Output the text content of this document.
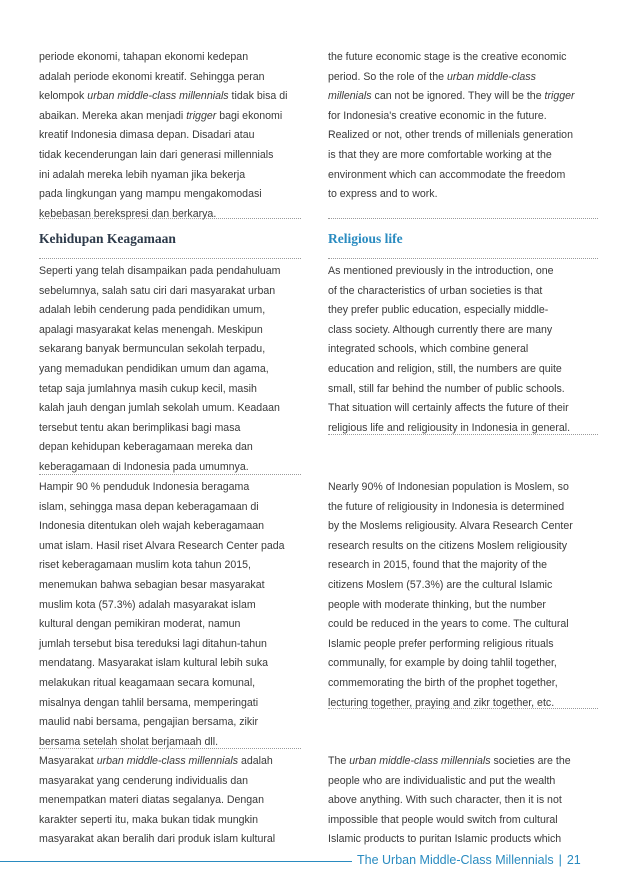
periode ekonomi, tahapan ekonomi kedepan
adalah periode ekonomi kreatif. Sehingga peran
kelompok urban middle-class millennials tidak bisa di
abaikan. Mereka akan menjadi trigger bagi ekonomi
kreatif Indonesia dimasa depan. Disadari atau
tidak kecenderungan lain dari generasi millennials
ini adalah mereka lebih nyaman jika bekerja
pada lingkungan yang mampu mengakomodasi
kebebasan berekspresi dan berkarya.

Kehidupan Keagamaan

Seperti yang telah disampaikan pada pendahuluam
sebelumnya, salah satu ciri dari masyarakat urban
adalah lebih cenderung pada pendidikan umum,
apalagi masyarakat kelas menengah. Meskipun
sekarang banyak bermunculan sekolah terpadu,
yang memadukan pendidikan umum dan agama,
tetap saja jumlahnya masih cukup kecil, masih
kalah jauh dengan jumlah sekolah umum. Keadaan
tersebut tentu akan berimplikasi bagi masa
depan kehidupan keberagamaan mereka dan
keberagamaan di Indonesia pada umumnya.

Hampir 90 % penduduk Indonesia beragama
islam, sehingga masa depan keberagamaan di
Indonesia ditentukan oleh wajah keberagamaan
umat islam. Hasil riset Alvara Research Center pada
riset keberagamaan muslim kota tahun 2015,
menemukan bahwa sebagian besar masyarakat
muslim kota (57.3%) adalah masyarakat islam
kultural dengan pemikiran moderat, namun
jumlah tersebut bisa tereduksi lagi ditahun-tahun
mendatang. Masyarakat islam kultural lebih suka
melakukan ritual keagamaan secara komunal,
misalnya dengan tahlil bersama, memperingati
maulid nabi bersama, pengajian bersama, zikir
bersama setelah sholat berjamaah dll.

Masyarakat urban middle-class millennials adalah
masyarakat yang cenderung individualis dan
menempatkan materi diatas segalanya. Dengan
karakter seperti itu, maka bukan tidak mungkin
masyarakat akan beralih dari produk islam kultural

the future economic stage is the creative economic
period. So the role of the urban middle-class
millenials can not be ignored. They will be the trigger
for Indonesia's creative economic in the future.
Realized or not, other trends of millenials generation
is that they are more comfortable working at the
environment which can accommodate the freedom
to express and to work.

Religious life

As mentioned previously in the introduction, one
of the characteristics of urban societies is that
they prefer public education, especially middle-
class society. Although currently there are many
integrated schools, which combine general
education and religion, still, the numbers are quite
small, still far behind the number of public schools.
That situation will certainly affects the future of their
religious life and religiousity in Indonesia in general.

Nearly 90% of Indonesian population is Moslem, so
the future of religiousity in Indonesia is determined
by the Moslems religiousity. Alvara Research Center
research results on the citizens Moslem religiousity
research in 2015, found that the majority of the
citizens Moslem (57.3%) are the cultural Islamic
people with moderate thinking, but the number
could be reduced in the years to come. The cultural
Islamic people prefer performing religious rituals
communally, for example by doing tahlil together,
commemorating the birth of the prophet together,
lecturing together, praying and zikr together, etc.

The urban middle-class millennials societies are the
people who are individualistic and put the wealth
above anything. With such character, then it is not
impossible that people would switch from cultural
Islamic products to puritan Islamic products which

The Urban Middle-Class Millennials | 21
